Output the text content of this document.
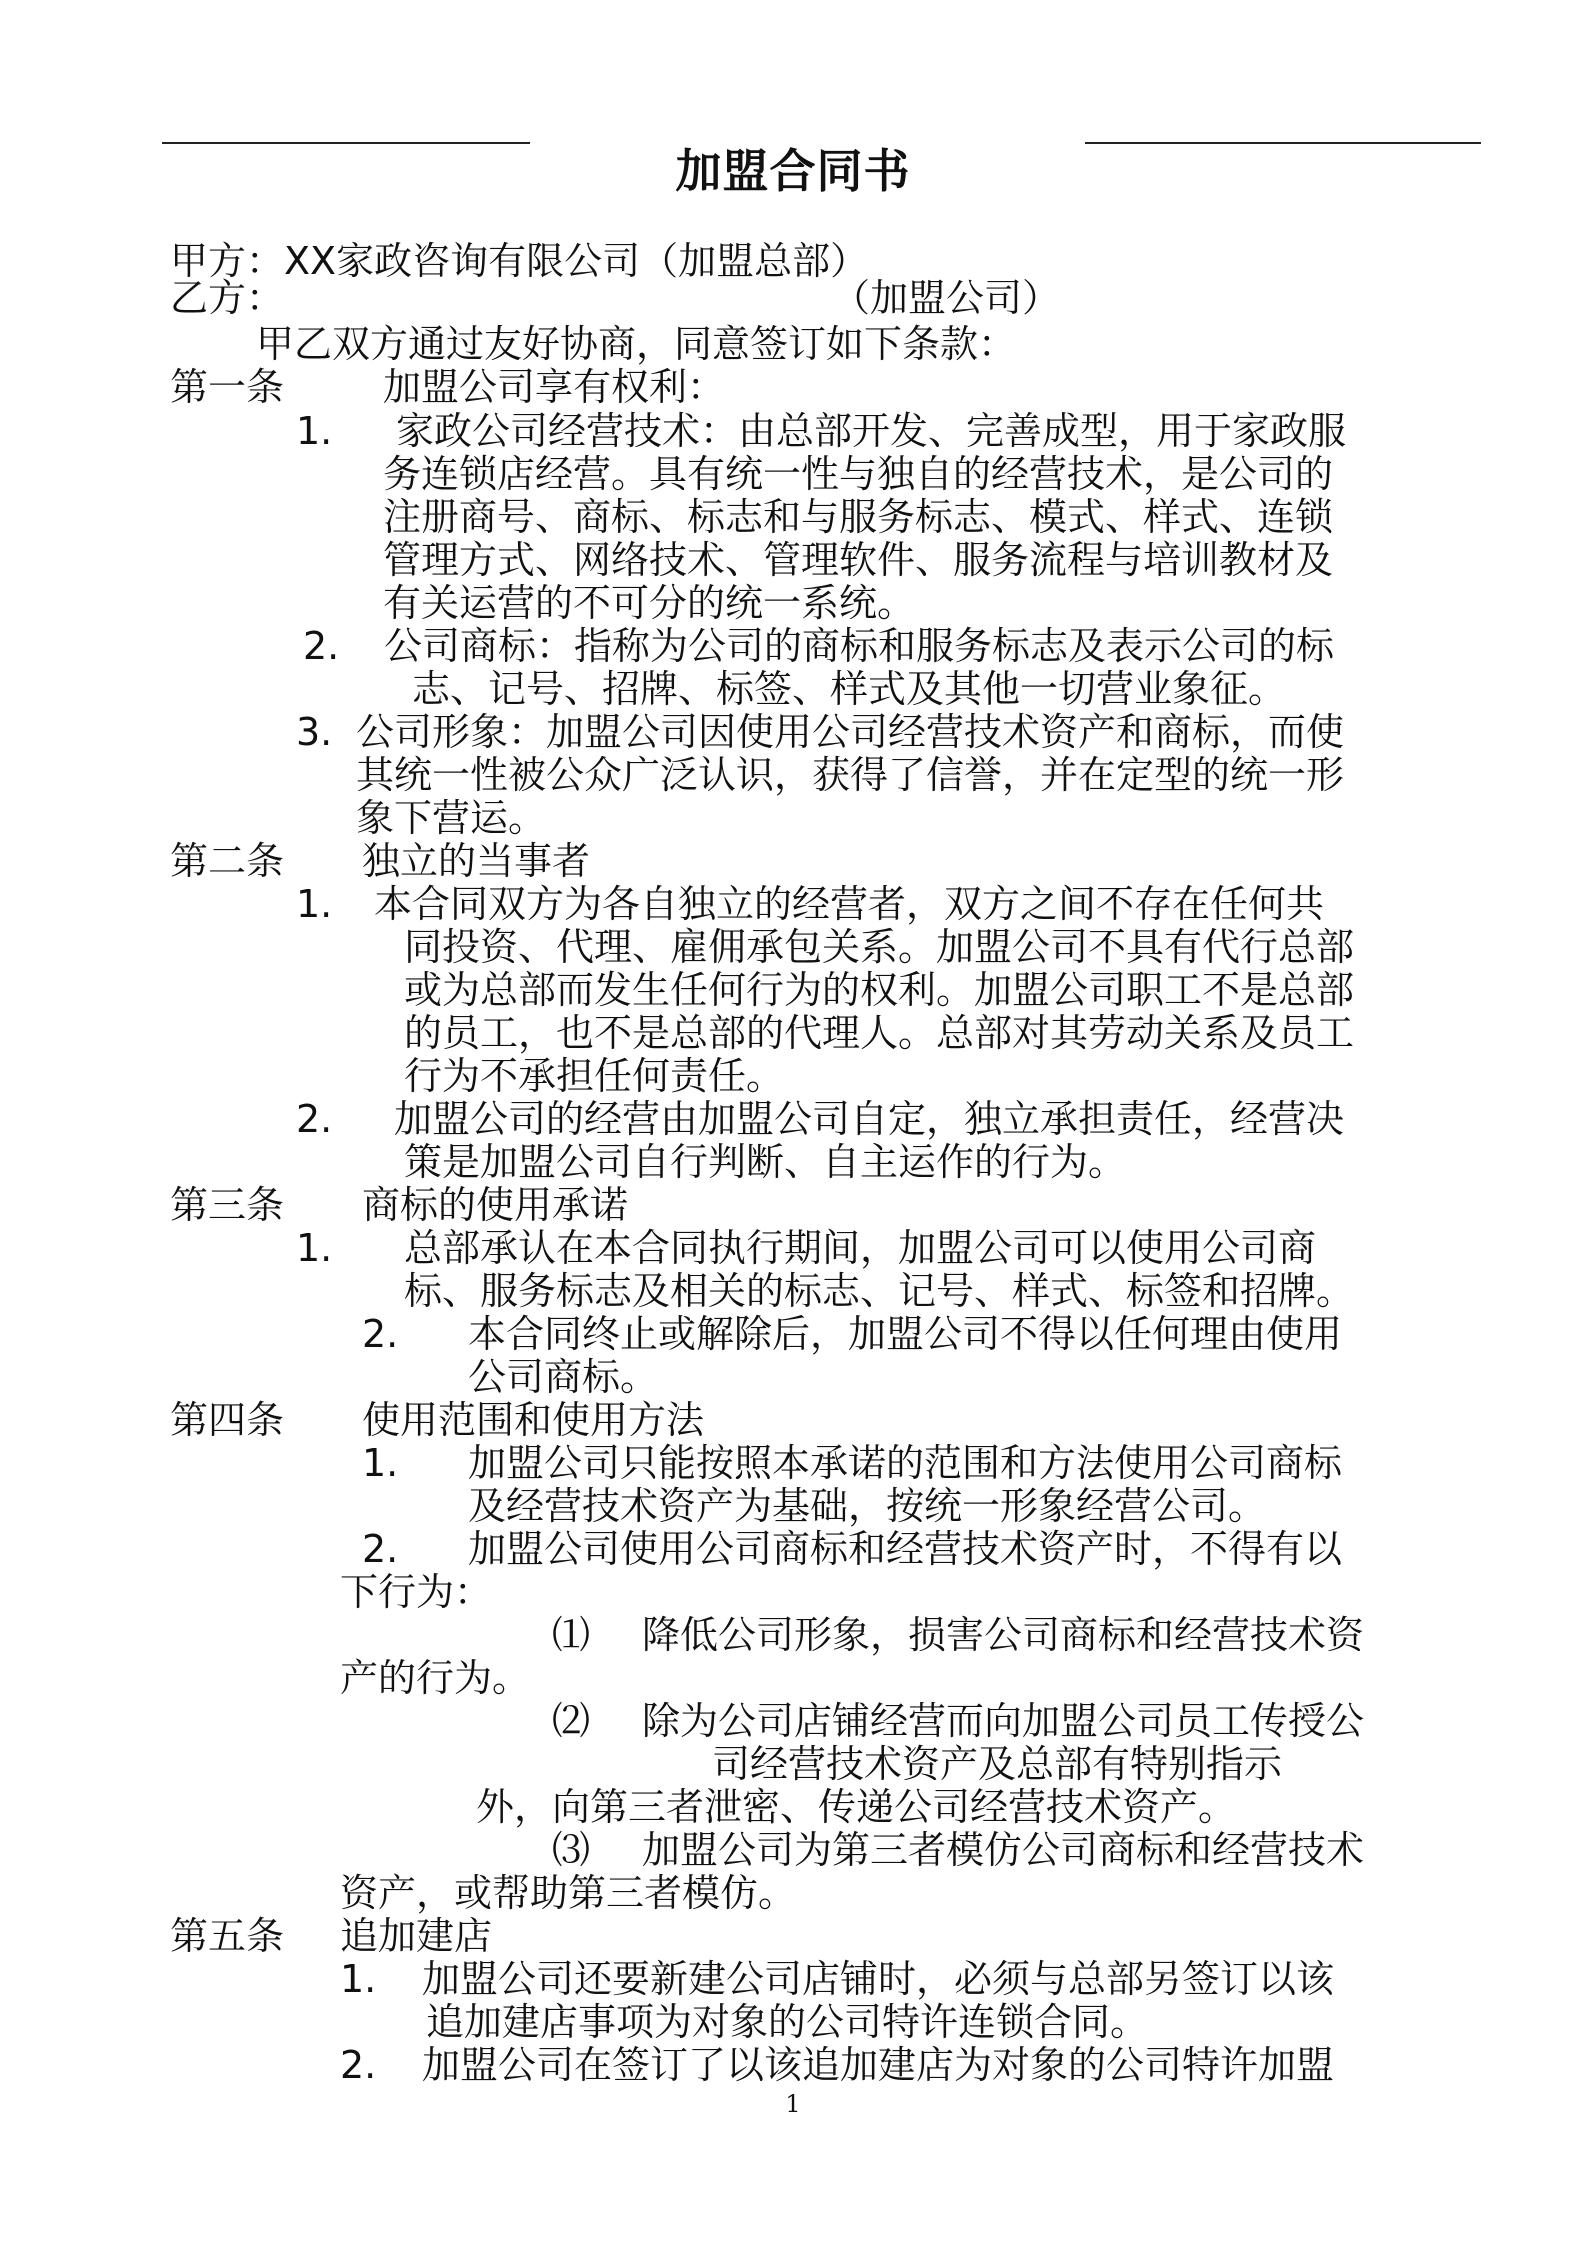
加盟合同书
甲方：XX家政咨询有限公司（加盟总部）
乙方：	（加盟公司）
甲乙双方通过友好协商，同意签订如下条款：
第一条	加盟公司享有权利：
1. 家政公司经营技术：由总部开发、完善成型，用于家政服
务连锁店经营。具有统一性与独自的经营技术，是公司的
注册商号、商标、标志和与服务标志、模式、样式、连锁
管理方式、网络技术、管理软件、服务流程与培训教材及
有关运营的不可分的统一系统。
2. 公司商标：指称为公司的商标和服务标志及表示公司的标
志、记号、招牌、标签、样式及其他一切营业象征。
3. 公司形象：加盟公司因使用公司经营技术资产和商标，而使
其统一性被公众广泛认识，获得了信誉，并在定型的统一形
象下营运。
第二条 独立的当事者
1. 本合同双方为各自独立的经营者，双方之间不存在任何共
同投资、代理、雇佣承包关系。加盟公司不具有代行总部
或为总部而发生任何行为的权利。加盟公司职工不是总部
的员工，也不是总部的代理人。总部对其劳动关系及员工
行为不承担任何责任。
2. 加盟公司的经营由加盟公司自定，独立承担责任，经营决
策是加盟公司自行判断、自主运作的行为。
第三条 商标的使用承诺
1. 总部承认在本合同执行期间，加盟公司可以使用公司商
标、服务标志及相关的标志、记号、样式、标签和招牌。
2. 本合同终止或解除后，加盟公司不得以任何理由使用
公司商标。
第四条 使用范围和使用方法
1. 加盟公司只能按照本承诺的范围和方法使用公司商标
及经营技术资产为基础，按统一形象经营公司。
2. 加盟公司使用公司商标和经营技术资产时，不得有以
下行为：
⑴ 降低公司形象，损害公司商标和经营技术资
产的行为。
⑵ 除为公司店铺经营而向加盟公司员工传授公
司经营技术资产及总部有特别指示
外，向第三者泄密、传递公司经营技术资产。
⑶ 加盟公司为第三者模仿公司商标和经营技术
资产，或帮助第三者模仿。
第五条 追加建店
1. 加盟公司还要新建公司店铺时，必须与总部另签订以该
追加建店事项为对象的公司特许连锁合同。
2. 加盟公司在签订了以该追加建店为对象的公司特许加盟
1
